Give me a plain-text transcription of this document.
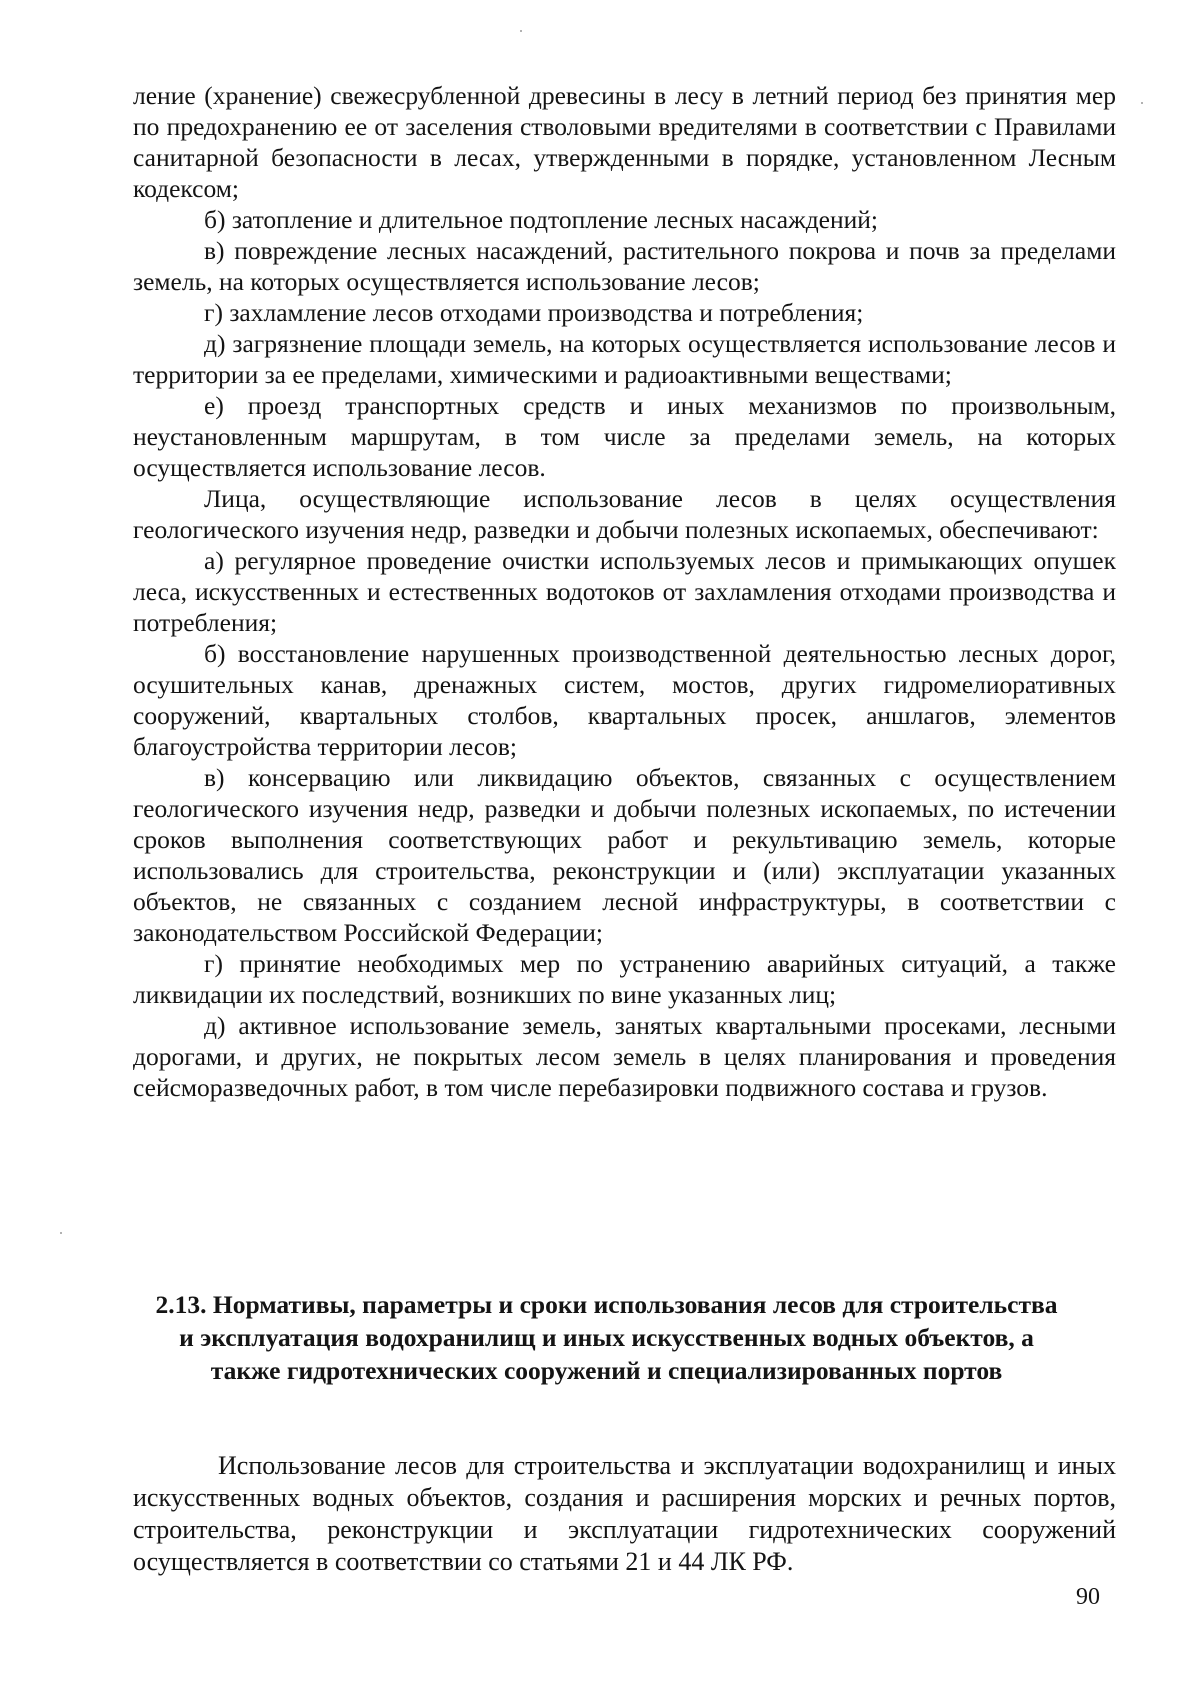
ление (хранение) свежесрубленной древесины в лесу в летний период без принятия мер по предохранению ее от заселения стволовыми вредителями в соответствии с Правилами санитарной безопасности в лесах, утвержденными в порядке, установленном Лесным кодексом;

б) затопление и длительное подтопление лесных насаждений;

в) повреждение лесных насаждений, растительного покрова и почв за пределами земель, на которых осуществляется использование лесов;

г) захламление лесов отходами производства и потребления;

д) загрязнение площади земель, на которых осуществляется использование лесов и территории за ее пределами, химическими и радиоактивными веществами;

е) проезд транспортных средств и иных механизмов по произвольным, неустановленным маршрутам, в том числе за пределами земель, на которых осуществляется использование лесов.

Лица, осуществляющие использование лесов в целях осуществления геологического изучения недр, разведки и добычи полезных ископаемых, обеспечивают:

а) регулярное проведение очистки используемых лесов и примыкающих опушек леса, искусственных и естественных водотоков от захламления отходами производства и потребления;

б) восстановление нарушенных производственной деятельностью лесных дорог, осушительных канав, дренажных систем, мостов, других гидромелиоративных сооружений, квартальных столбов, квартальных просек, аншлагов, элементов благоустройства территории лесов;

в) консервацию или ликвидацию объектов, связанных с осуществлением геологического изучения недр, разведки и добычи полезных ископаемых, по истечении сроков выполнения соответствующих работ и рекультивацию земель, которые использовались для строительства, реконструкции и (или) эксплуатации указанных объектов, не связанных с созданием лесной инфраструктуры, в соответствии с законодательством Российской Федерации;

г) принятие необходимых мер по устранению аварийных ситуаций, а также ликвидации их последствий, возникших по вине указанных лиц;

д) активное использование земель, занятых квартальными просеками, лесными дорогами, и других, не покрытых лесом земель в целях планирования и проведения сейсморазведочных работ, в том числе перебазировки подвижного состава и грузов.

2.13. Нормативы, параметры и сроки использования лесов для строительства и эксплуатация водохранилищ и иных искусственных водных объектов, а также гидротехнических сооружений и специализированных портов

Использование лесов для строительства и эксплуатации водохранилищ и иных искусственных водных объектов, создания и расширения морских и речных портов, строительства, реконструкции и эксплуатации гидротехнических сооружений осуществляется в соответствии со статьями 21 и 44 ЛК РФ.

90
